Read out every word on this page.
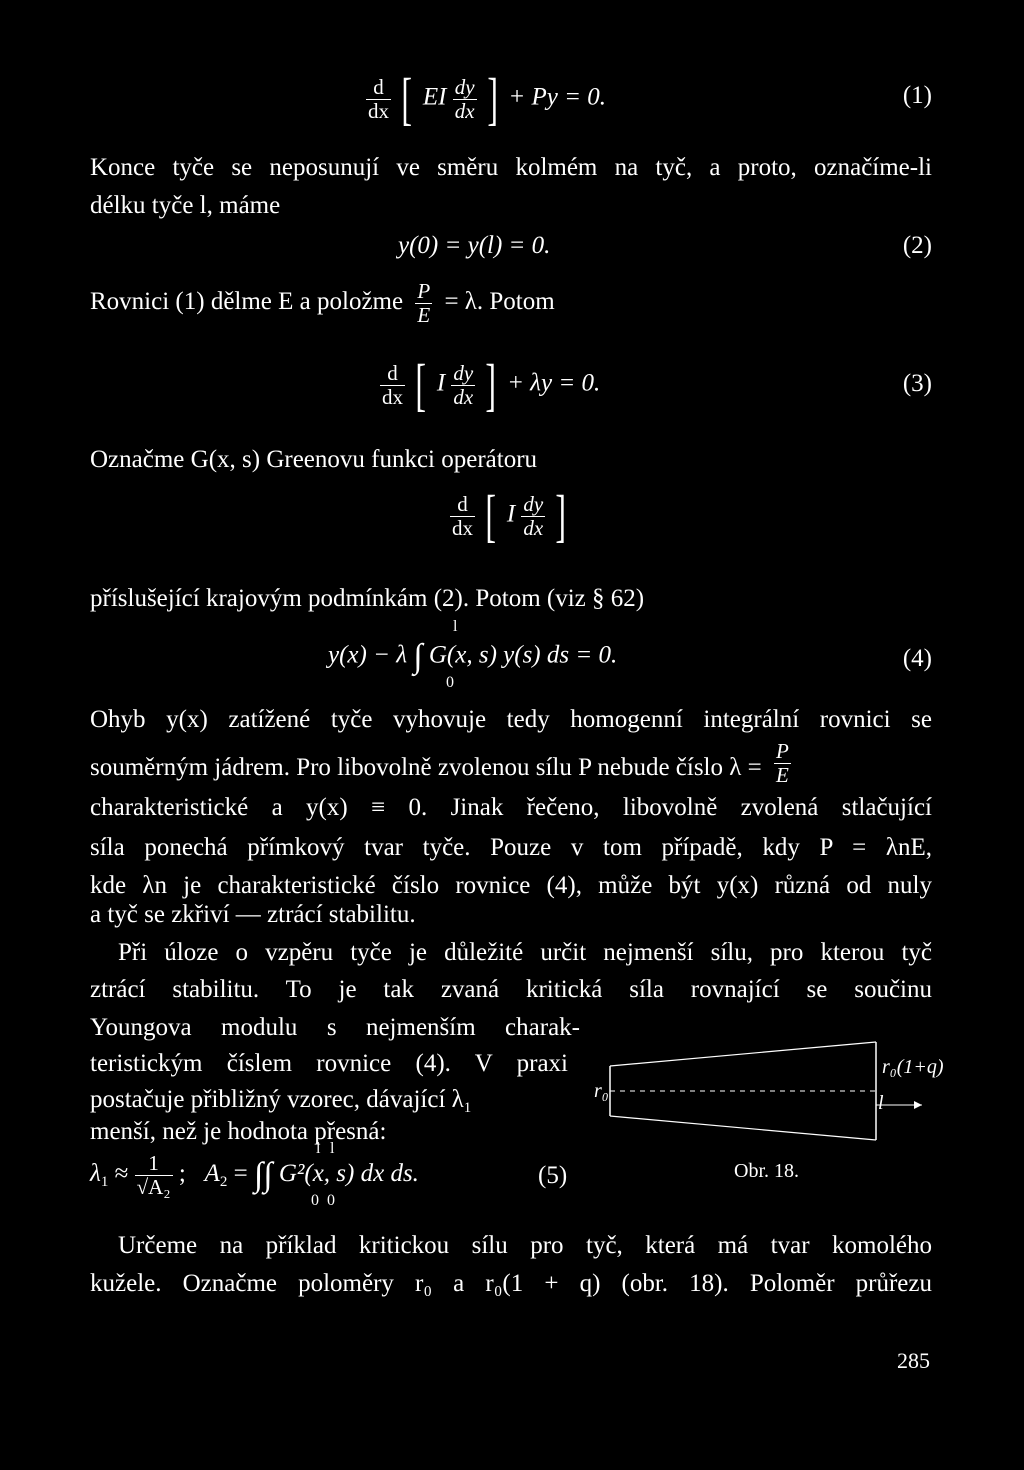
$\frac{d}{dx}$ [ EI $\frac{dy}{dx}$ ] + Py = 0.	(1)
Konce tyče se neposunují ve směru kolmém na tyč, a proto, označíme-li
délku tyče l, máme
y(0) = y(l) = 0.	(2)
Rovnici (1) dělme E a položme $\frac{P}{E} = \lambda$. Potom
$\frac{d}{dx}$ [ I $\frac{dy}{dx}$ ] + λy = 0.	(3)
Označme G(x, s) Greenovu funkci operátoru
$\frac{d}{dx}$ [ I $\frac{dy}{dx}$ ]
příslušející krajovým podmínkám (2). Potom (viz § 62)
y(x) − λ ∫ G(x, s) y(s) ds = 0.
l
0
(4)
Ohyb y(x) zatížené tyče vyhovuje tedy homogenní integrální rovnici se
souměrným jádrem. Pro libovolně zvolenou sílu P nebude číslo $\lambda = \frac{P}{E}$
charakteristické a y(x) ≡ 0. Jinak řečeno, libovolně zvolená stlačující
síla ponechá přímkový tvar tyče. Pouze v tom případě, kdy P = λnE,
kde λn je charakteristické číslo rovnice (4), může být y(x) různá od nuly
a tyč se zkřiví — ztrácí stabilitu.
Při úloze o vzpěru tyče je důležité určit nejmenší sílu, pro kterou tyč
ztrácí stabilitu. To je tak zvaná kritická síla rovnající se součinu
Youngova modulu s nejmenším charak-
teristickým číslem rovnice (4). V praxi
postačuje přibližný vzorec, dávající $\lambda_1$
menší, než je hodnota přesná:
$\lambda_1 \approx \frac{1}{\text{√A₂}}$ ; $A_2$ = ∫∫ G²(x, s) dx ds.
l l
0 0
(5)
r₀
r₀(1+q)
l
Obr. 18.
Určeme na příklad kritickou sílu pro tyč, která má tvar komolého
kužele. Označme poloměry r₀ a r₀(1 + q) (obr. 18). Poloměr průřezu
285
